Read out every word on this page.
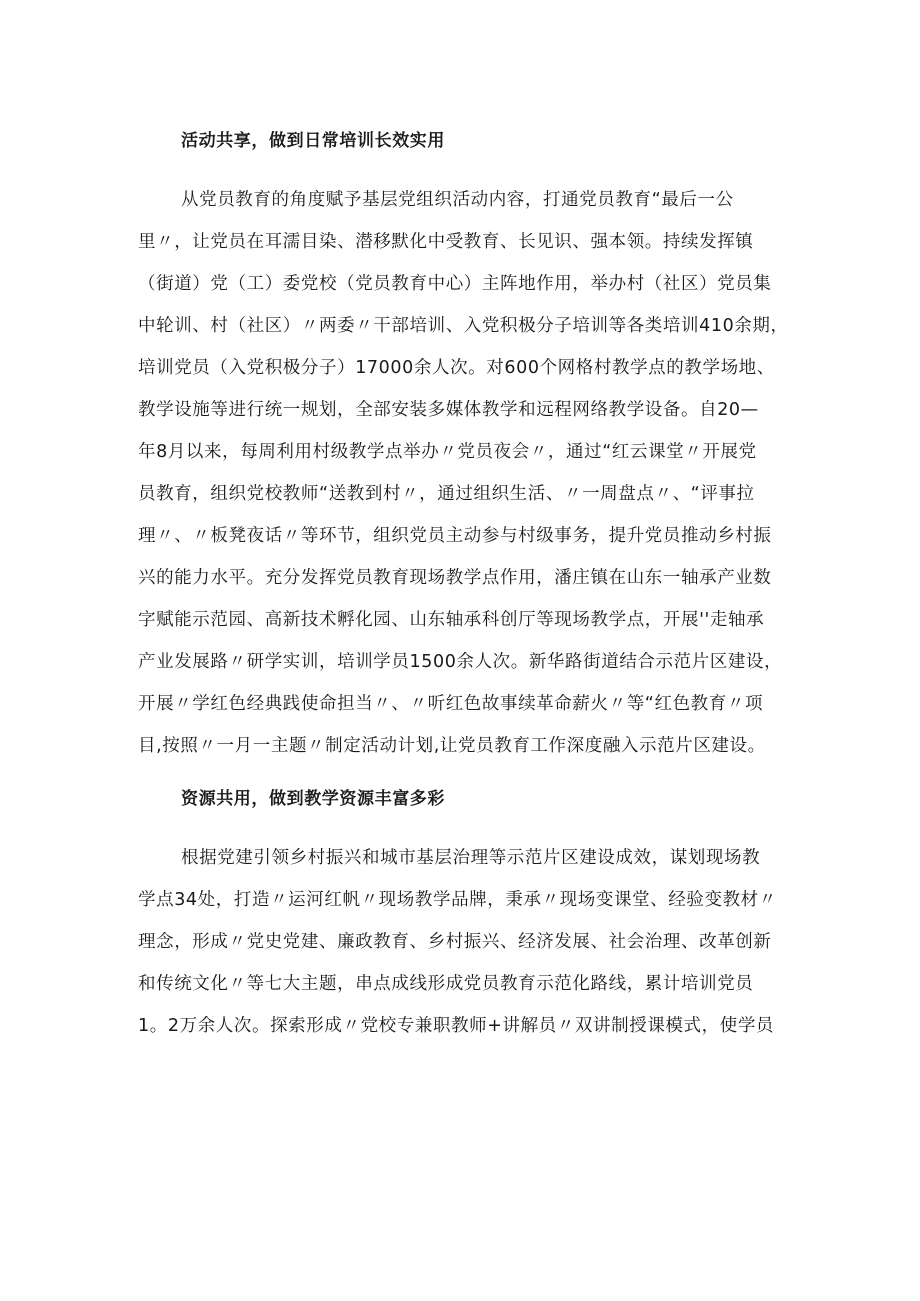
活动共享，做到日常培训长效实用
从党员教育的角度赋予基层党组织活动内容，打通党员教育“最后一公
里〃，让党员在耳濡目染、潜移默化中受教育、长见识、强本领。持续发挥镇
（街道）党（工）委党校（党员教育中心）主阵地作用，举办村（社区）党员集
中轮训、村（社区）〃两委〃干部培训、入党积极分子培训等各类培训410余期，
培训党员（入党积极分子）17000余人次。对600个网格村教学点的教学场地、
教学设施等进行统一规划，全部安装多媒体教学和远程网络教学设备。自20—
年8月以来，每周利用村级教学点举办〃党员夜会〃，通过“红云课堂〃开展党
员教育，组织党校教师“送教到村〃，通过组织生活、〃一周盘点〃、“评事拉
理〃、〃板凳夜话〃等环节，组织党员主动参与村级事务，提升党员推动乡村振
兴的能力水平。充分发挥党员教育现场教学点作用，潘庄镇在山东一轴承产业数
字赋能示范园、高新技术孵化园、山东轴承科创厅等现场教学点，开展''走轴承
产业发展路〃研学实训，培训学员1500余人次。新华路街道结合示范片区建设，
开展〃学红色经典践使命担当〃、〃听红色故事续革命薪火〃等“红色教育〃项
目,按照〃一月一主题〃制定活动计划,让党员教育工作深度融入示范片区建设。
资源共用，做到教学资源丰富多彩
根据党建引领乡村振兴和城市基层治理等示范片区建设成效，谋划现场教
学点34处，打造〃运河红帆〃现场教学品牌，秉承〃现场变课堂、经验变教材〃
理念，形成〃党史党建、廉政教育、乡村振兴、经济发展、社会治理、改革创新
和传统文化〃等七大主题，串点成线形成党员教育示范化路线，累计培训党员
1。2万余人次。探索形成〃党校专兼职教师+讲解员〃双讲制授课模式，使学员
